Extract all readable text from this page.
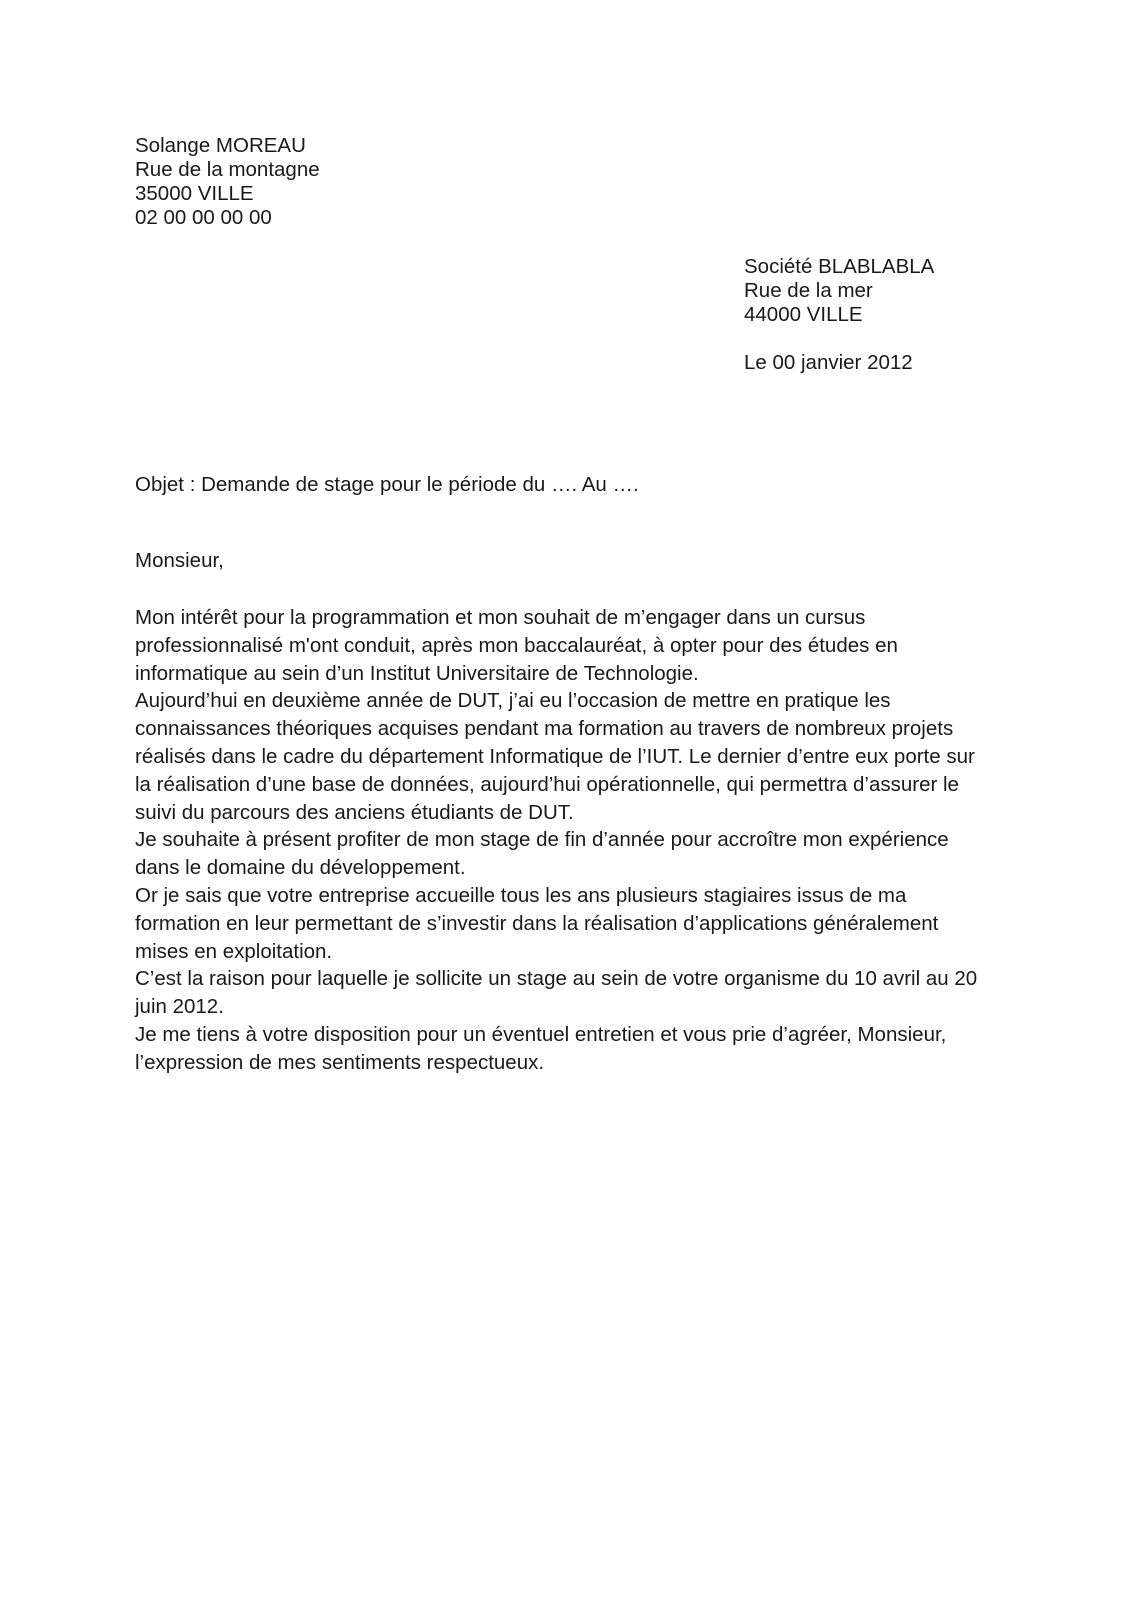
Solange MOREAU
Rue de la montagne
35000 VILLE
02 00 00 00 00
Société BLABLABLA
Rue de la mer
44000 VILLE
Le 00 janvier 2012
Objet : Demande de stage pour le période du …. Au ….
Monsieur,
Mon intérêt pour la programmation et mon souhait de m’engager dans un cursus
professionnalisé m'ont conduit, après mon baccalauréat, à opter pour des études en
informatique au sein d’un Institut Universitaire de Technologie.
Aujourd’hui en deuxième année de DUT, j’ai eu l’occasion de mettre en pratique les
connaissances théoriques acquises pendant ma formation au travers de nombreux projets
réalisés dans le cadre du département Informatique de l’IUT. Le dernier d’entre eux porte sur
la réalisation d’une base de données, aujourd’hui opérationnelle, qui permettra d’assurer le
suivi du parcours des anciens étudiants de DUT.
Je souhaite à présent profiter de mon stage de fin d’année pour accroître mon expérience
dans le domaine du développement.
Or je sais que votre entreprise accueille tous les ans plusieurs stagiaires issus de ma
formation en leur permettant de s’investir dans la réalisation d’applications généralement
mises en exploitation.
C’est la raison pour laquelle je sollicite un stage au sein de votre organisme du 10 avril au 20
juin 2012.
Je me tiens à votre disposition pour un éventuel entretien et vous prie d’agréer, Monsieur,
l’expression de mes sentiments respectueux.
